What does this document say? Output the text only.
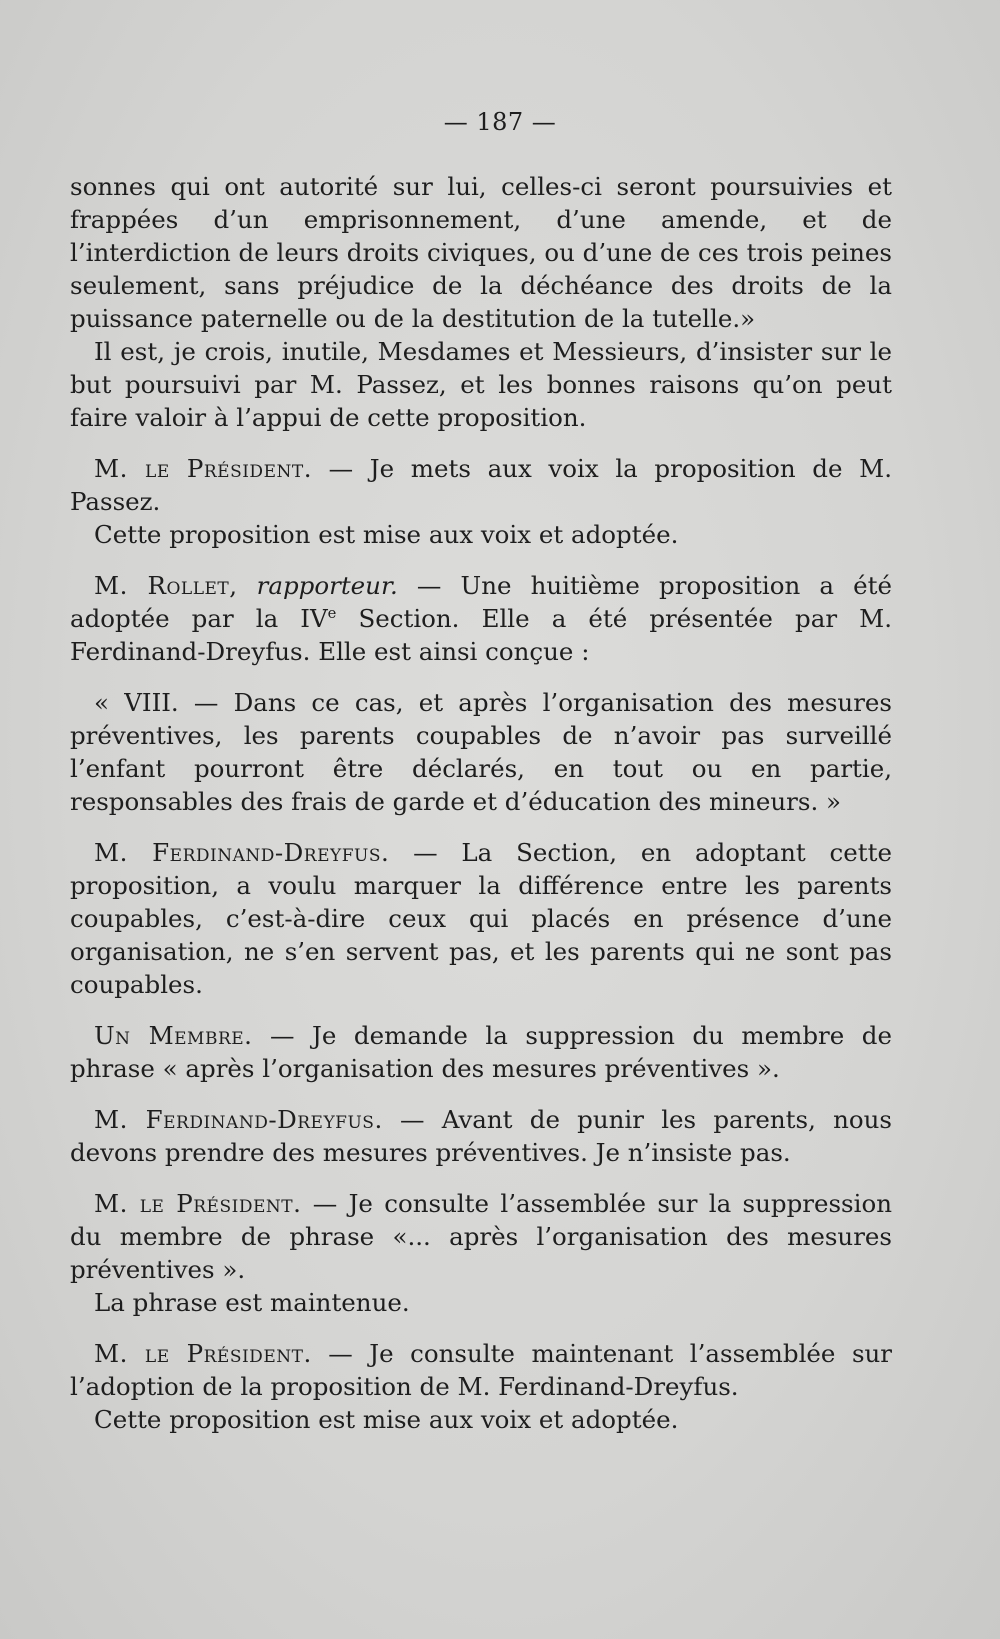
— 187 —

sonnes qui ont autorité sur lui, celles-ci seront poursuivies et frappées d’un emprisonnement, d’une amende, et de l’interdiction de leurs droits civiques, ou d’une de ces trois peines seulement, sans préjudice de la déchéance des droits de la puissance paternelle ou de la destitution de la tutelle.»

Il est, je crois, inutile, Mesdames et Messieurs, d’insister sur le but poursuivi par M. Passez, et les bonnes raisons qu’on peut faire valoir à l’appui de cette proposition.

M. le Président. — Je mets aux voix la proposition de M. Passez.

Cette proposition est mise aux voix et adoptée.

M. Rollet, rapporteur. — Une huitième proposition a été adoptée par la IVe Section. Elle a été présentée par M. Ferdinand-Dreyfus. Elle est ainsi conçue :

« VIII. — Dans ce cas, et après l’organisation des mesures préventives, les parents coupables de n’avoir pas surveillé l’enfant pourront être déclarés, en tout ou en partie, responsables des frais de garde et d’éducation des mineurs. »

M. Ferdinand-Dreyfus. — La Section, en adoptant cette proposition, a voulu marquer la différence entre les parents coupables, c’est-à-dire ceux qui placés en présence d’une organisation, ne s’en servent pas, et les parents qui ne sont pas coupables.

Un Membre. — Je demande la suppression du membre de phrase « après l’organisation des mesures préventives ».

M. Ferdinand-Dreyfus. — Avant de punir les parents, nous devons prendre des mesures préventives. Je n’insiste pas.

M. le Président. — Je consulte l’assemblée sur la suppression du membre de phrase «... après l’organisation des mesures préventives ».

La phrase est maintenue.

M. le Président. — Je consulte maintenant l’assemblée sur l’adoption de la proposition de M. Ferdinand-Dreyfus.

Cette proposition est mise aux voix et adoptée.
